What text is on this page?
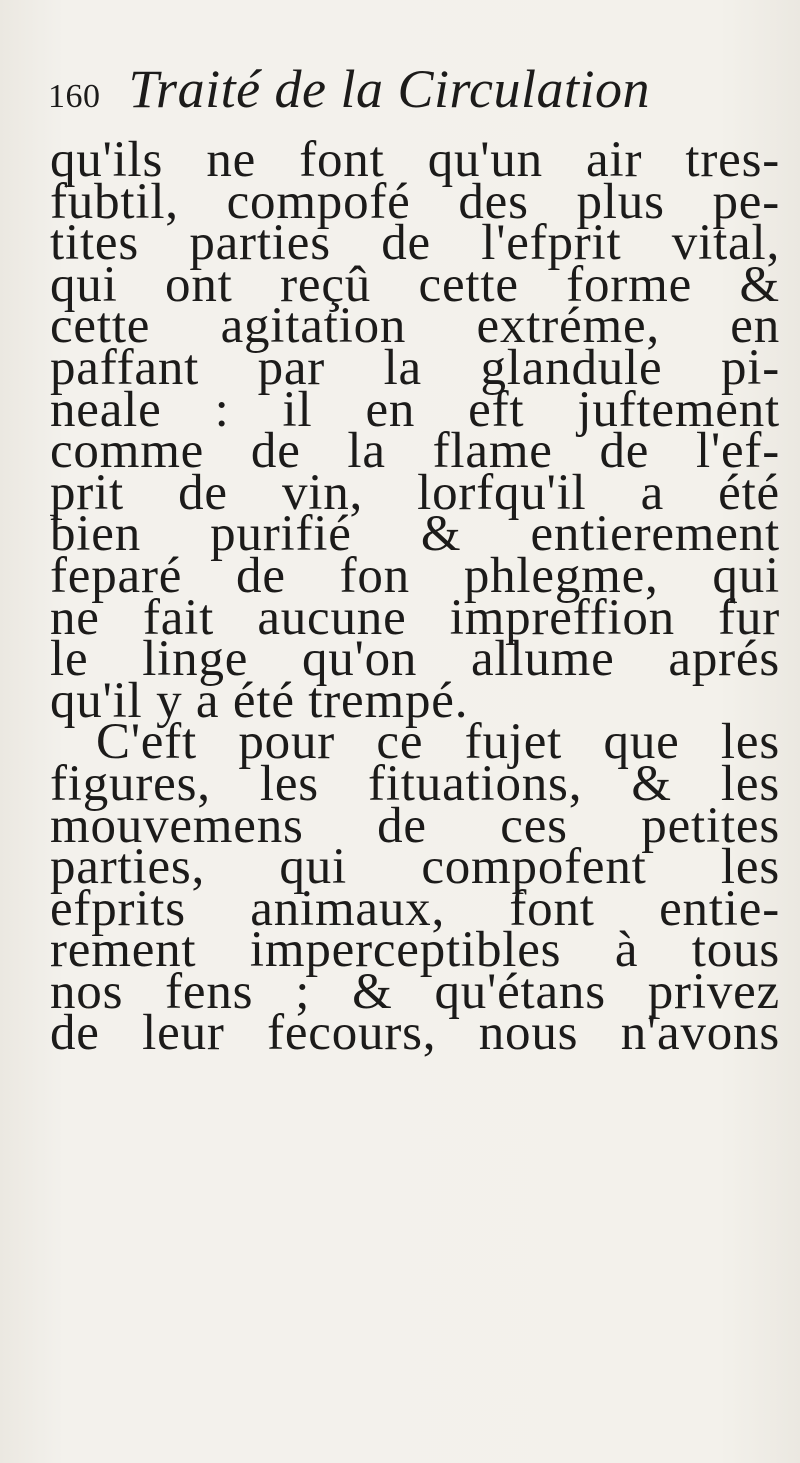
160 Traité de la Circulation
qu'ils ne font qu'un air tres-
fubtil, compofé des plus pe-
tites parties de l'efprit vital,
qui ont reçû cette forme &
cette agitation extréme, en
paffant par la glandule pi-
neale : il en eft juftement
comme de la flame de l'ef-
prit de vin, lorfqu'il a été
bien purifié & entierement
feparé de fon phlegme, qui
ne fait aucune impreffion fur
le linge qu'on allume aprés
qu'il y a été trempé.
C'eft pour ce fujet que les
figures, les fituations, & les
mouvemens de ces petites
parties, qui compofent les
efprits animaux, font entie-
rement imperceptibles à tous
nos fens ; & qu'étans privez
de leur fecours, nous n'avons
